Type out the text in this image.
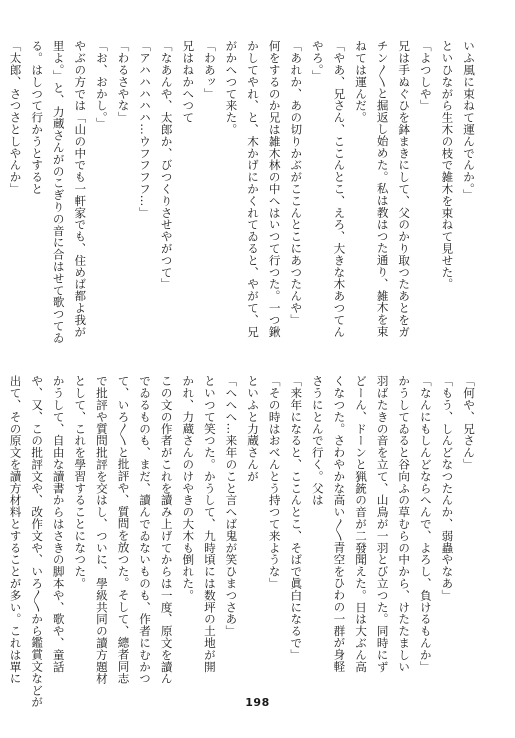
いふ風に束ねて運んでんか。」

といひながら生木の枝で雑木を束ねて見せた。

「よつしや」

兄は手ぬぐひを鉢まきにして、父のかり取つたあとをガ

チン〳〵と掘返し始めた。私は教はつた通り、雑木を束

ねては運んだ。

「やあ、兄さん、ここんとこ、えろ、大きな木あつてん

やろ。」

「あれか、あの切りかぶがここんとこにあつたんや」

何をするのか兄は雑木林の中へはいつて行つた。一つ鍬

かしてやれ、と、木かげにかくれてゐると、やがて、兄

がかへつて来た。

「わあッ」

兄はねかへつて

「なあんや、太郎か、びつくりさせやがつて」

「アハハハハハ…ウフフフフ…」

「わるさやな」

「お、おかし。」

やぶの方では「山の中でも一軒家でも、住めば都よ我が

里よ。」と、力蔵さんがのこぎりの音に合はせて歌つてゐ

る。はしつて行かうとすると

「太郎、さつさとしやんか」

「何や、兄さん」

「もう、しんどなつたんか、弱蟲やなあ」

「なんにもしんどならへんで、よろし、負けるもんか」

かうしてゐると谷向ふの草むらの中から、けたたましい

羽ばたきの音を立て、山鳥が一羽とび立つた。同時にず

どーん、ドーンと猟銃の音が二發聞えた。日は大ぶん高

くなつた。さわやかな高い〳〵青空をひわの一群が身軽

さうにとんで行く。父は

「来年になると、ここんとこ、そばで眞白になるで」

「その時はおべんとう持つて来ような」

といふと力蔵さんが

「へへへ…来年のこと言へば鬼が笑ひまつさあ」

といつて笑つた。かうして、九時頃には数坪の土地が開

かれ、力蔵さんのけやきの大木も倒れた。

この文の作者がこれを讀み上げてからは一度、原文を讀ん

でゐるものも、まだ、讀んでゐないものも、作者にむかつ

て、いろ〳〵と批評や、質問を放つた。そして、總者同志

で批評や質問批評を交はし、ついに、學級共同の讀方題材

として、これを學習することになつた。

かうして、自由な讀書からはさきの脚本や、歌や、童話

や、又、この批評文や、改作文や、いろ〳〵から鑑賞文などが

出て、その原文を讀方材料とすることが多い。これは單に

198
